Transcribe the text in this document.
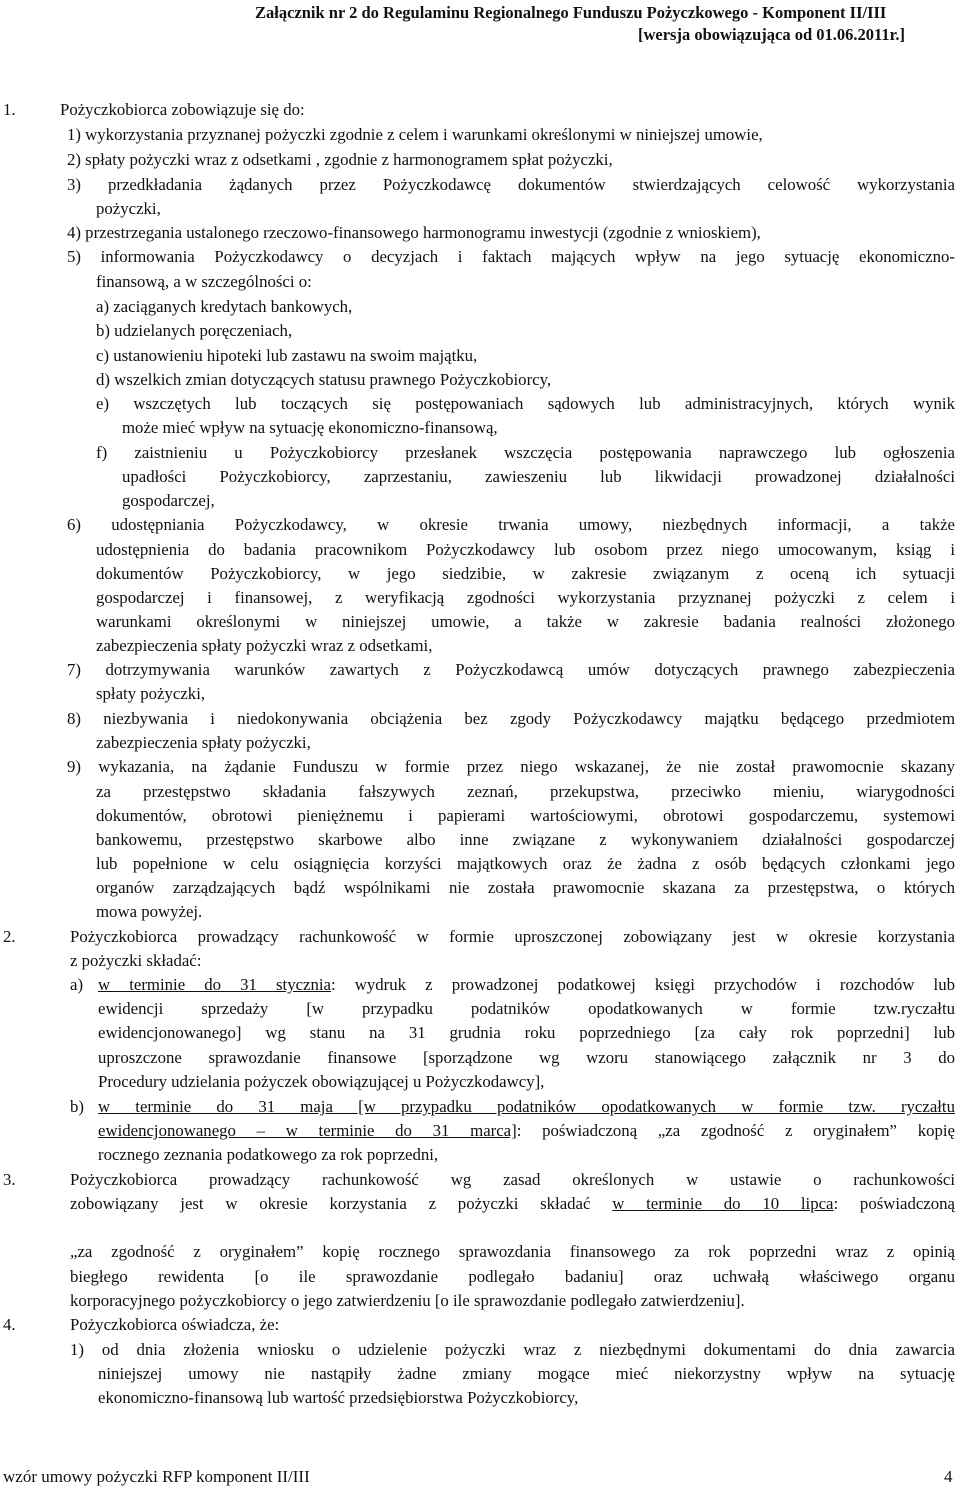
Załącznik nr 2 do Regulaminu Regionalnego Funduszu Pożyczkowego - Komponent II/III
[wersja obowiązująca od 01.06.2011r.]
1.	Pożyczkobiorca zobowiązuje się do:
1) wykorzystania przyznanej pożyczki zgodnie z celem i warunkami określonymi w niniejszej umowie,
2) spłaty pożyczki wraz z odsetkami , zgodnie z harmonogramem spłat pożyczki,
3) przedkładania żądanych przez Pożyczkodawcę dokumentów stwierdzających celowość wykorzystania
pożyczki,
4) przestrzegania ustalonego rzeczowo-finansowego harmonogramu inwestycji (zgodnie z wnioskiem),
5) informowania Pożyczkodawcy o decyzjach i faktach mających wpływ na jego sytuację ekonomiczno-
finansową, a w szczególności o:
a) zaciąganych kredytach bankowych,
b) udzielanych poręczeniach,
c) ustanowieniu hipoteki lub zastawu na swoim majątku,
d) wszelkich zmian dotyczących statusu prawnego Pożyczkobiorcy,
e) wszczętych lub toczących się postępowaniach sądowych lub administracyjnych, których wynik
może mieć wpływ na sytuację ekonomiczno-finansową,
f) zaistnieniu u Pożyczkobiorcy przesłanek wszczęcia postępowania naprawczego lub ogłoszenia
upadłości Pożyczkobiorcy, zaprzestaniu, zawieszeniu lub likwidacji prowadzonej działalności
gospodarczej,
6) udostępniania Pożyczkodawcy, w okresie trwania umowy, niezbędnych informacji, a także
udostępnienia do badania pracownikom Pożyczkodawcy lub osobom przez niego umocowanym, ksiąg i
dokumentów Pożyczkobiorcy, w jego siedzibie, w zakresie związanym z oceną ich sytuacji
gospodarczej i finansowej, z weryfikacją zgodności wykorzystania przyznanej pożyczki z celem i
warunkami określonymi w niniejszej umowie, a także w zakresie badania realności złożonego
zabezpieczenia spłaty pożyczki wraz z odsetkami,
7) dotrzymywania warunków zawartych z Pożyczkodawcą umów dotyczących prawnego zabezpieczenia
spłaty pożyczki,
8) niezbywania i niedokonywania obciążenia bez zgody Pożyczkodawcy majątku będącego przedmiotem
zabezpieczenia spłaty pożyczki,
9) wykazania, na żądanie Funduszu w formie przez niego wskazanej, że nie został prawomocnie skazany
za przestępstwo składania fałszywych zeznań, przekupstwa, przeciwko mieniu, wiarygodności
dokumentów, obrotowi pieniężnemu i papierami wartościowymi, obrotowi gospodarczemu, systemowi
bankowemu, przestępstwo skarbowe albo inne związane z wykonywaniem działalności gospodarczej
lub popełnione w celu osiągnięcia korzyści majątkowych oraz że żadna z osób będących członkami jego
organów zarządzających bądź wspólnikami nie została prawomocnie skazana za przestępstwa, o których
mowa powyżej.
2.	Pożyczkobiorca prowadzący rachunkowość w formie uproszczonej zobowiązany jest w okresie korzystania
z pożyczki składać:
a) w terminie do 31 stycznia: wydruk z prowadzonej podatkowej księgi przychodów i rozchodów lub
ewidencji sprzedaży [w przypadku podatników opodatkowanych w formie tzw.ryczałtu
ewidencjonowanego] wg stanu na 31 grudnia roku poprzedniego [za cały rok poprzedni] lub
uproszczone sprawozdanie finansowe [sporządzone wg wzoru stanowiącego załącznik nr 3 do
Procedury udzielania pożyczek obowiązującej u Pożyczkodawcy],
b) w terminie do 31 maja [w przypadku podatników opodatkowanych w formie tzw. ryczałtu
ewidencjonowanego – w terminie do 31 marca]: poświadczoną „za zgodność z oryginałem” kopię
rocznego zeznania podatkowego za rok poprzedni,
3.	Pożyczkobiorca prowadzący rachunkowość wg zasad określonych w ustawie o rachunkowości
zobowiązany jest w okresie korzystania z pożyczki składać w terminie do 10 lipca: poświadczoną
„za zgodność z oryginałem” kopię rocznego sprawozdania finansowego za rok poprzedni wraz z opinią
biegłego rewidenta [o ile sprawozdanie podlegało badaniu] oraz uchwałą właściwego organu
korporacyjnego pożyczkobiorcy o jego zatwierdzeniu [o ile sprawozdanie podlegało zatwierdzeniu].
4.	Pożyczkobiorca oświadcza, że:
1) od dnia złożenia wniosku o udzielenie pożyczki wraz z niezbędnymi dokumentami do dnia zawarcia
niniejszej umowy nie nastąpiły żadne zmiany mogące mieć niekorzystny wpływ na sytuację
ekonomiczno-finansową lub wartość przedsiębiorstwa Pożyczkobiorcy,
wzór umowy pożyczki RFP komponent II/III	4
